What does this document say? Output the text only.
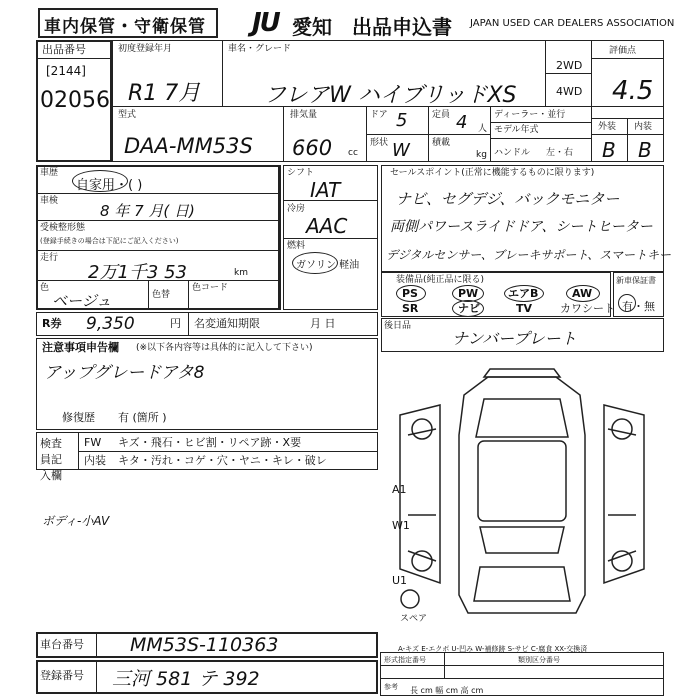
車内保管・守衛保管 JU 愛知 出品申込書 JAPAN USED CAR DEALERS ASSOCIATION
出品番号
[2144]
02056
初度登録年月
R1 7月
車名・グレード
フレアW ハイブリッドXS
2WD
4WD
評価点
4.5
外装 内装
B B
型式
DAA-MM53S
排気量
660 cc
ドア 5	定員 4 人
形状 W 積載
kg
ディーラー・並行
モデル年式
ハンドル 左・右
車歴
自家用・( )
車検
8 年 7 月( 日)
受検整形態
(登録手続きの場合は下記にご記入ください)
走行
2万1千3 53	km
色
ベージュ	色替
色コード
シフト
IAT
冷房
AAC
燃料
ガソリン 軽油
セールスポイント(正常に機能するものに限ります)
ナビ、セグデジ、バックモニター
両側パワースライドドア、シートヒーター
デジタルセンサー、ブレーキサポート、スマートキー
装備品(純正品に限る)
PS	PW	エアB	AW
SR	ナビ	TV	カワシート
新車保証書
有・無
R券 9,350	円 名変通知期限	月 日	後日品
ナンバープレート
注意事項申告欄 (※以下各内容等は具体的に記入して下さい)
アップグレードアタ8
修復歴 有 (箇所 )
検査員記入欄
FW キズ・飛石・ヒビ割・リペア跡・X要
内装 キタ・汚れ・コゲ・穴・ヤニ・キレ・破レ
ボディ-小AV
A1
W1
U1
スペア
A-キズ E-エクボ U-凹み W-補修跡 S-サビ C-腐食 XX-交換済
形式指定番号	類別区分番号
参考 長 cm 幅 cm 高 cm
車台番号 MM53S-110363
登録番号 三河 581 テ 392
